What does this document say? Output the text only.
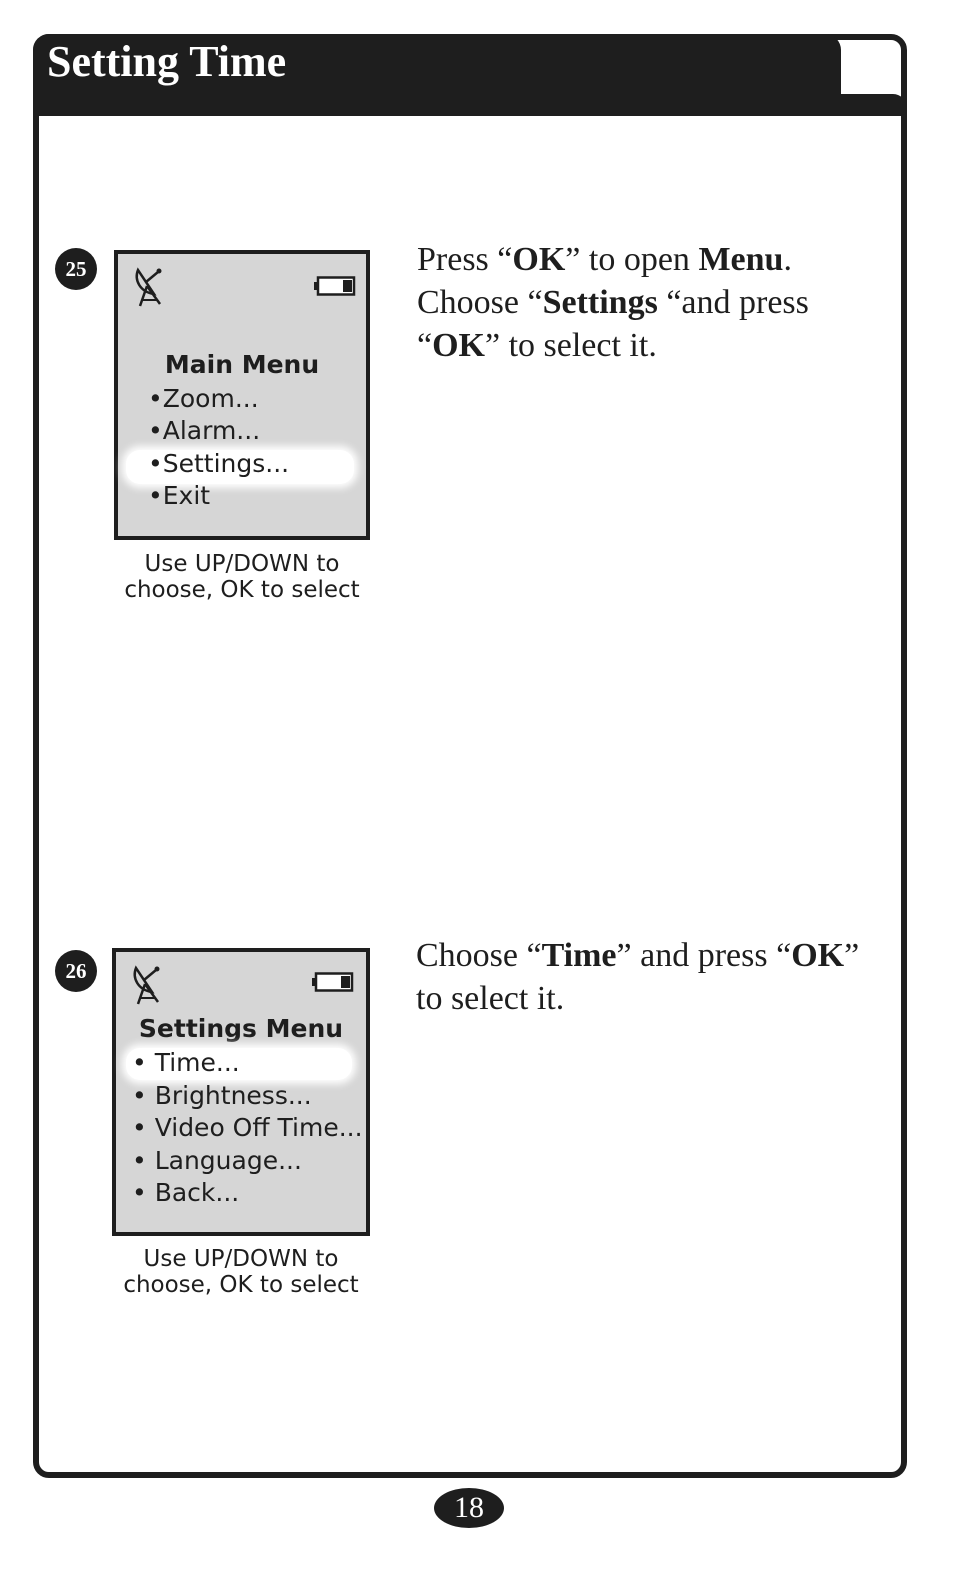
Setting Time
25
Main Menu
•Zoom...
•Alarm...
•Settings...
•Exit
Use UP/DOWN to
choose, OK to select
Press “OK” to open Menu.
Choose “Settings “and press
“OK” to select it.
26
Settings Menu
• Time...
• Brightness...
• Video Off Time...
• Language...
• Back...
Use UP/DOWN to
choose, OK to select
Choose “Time” and press “OK”
to select it.
18
